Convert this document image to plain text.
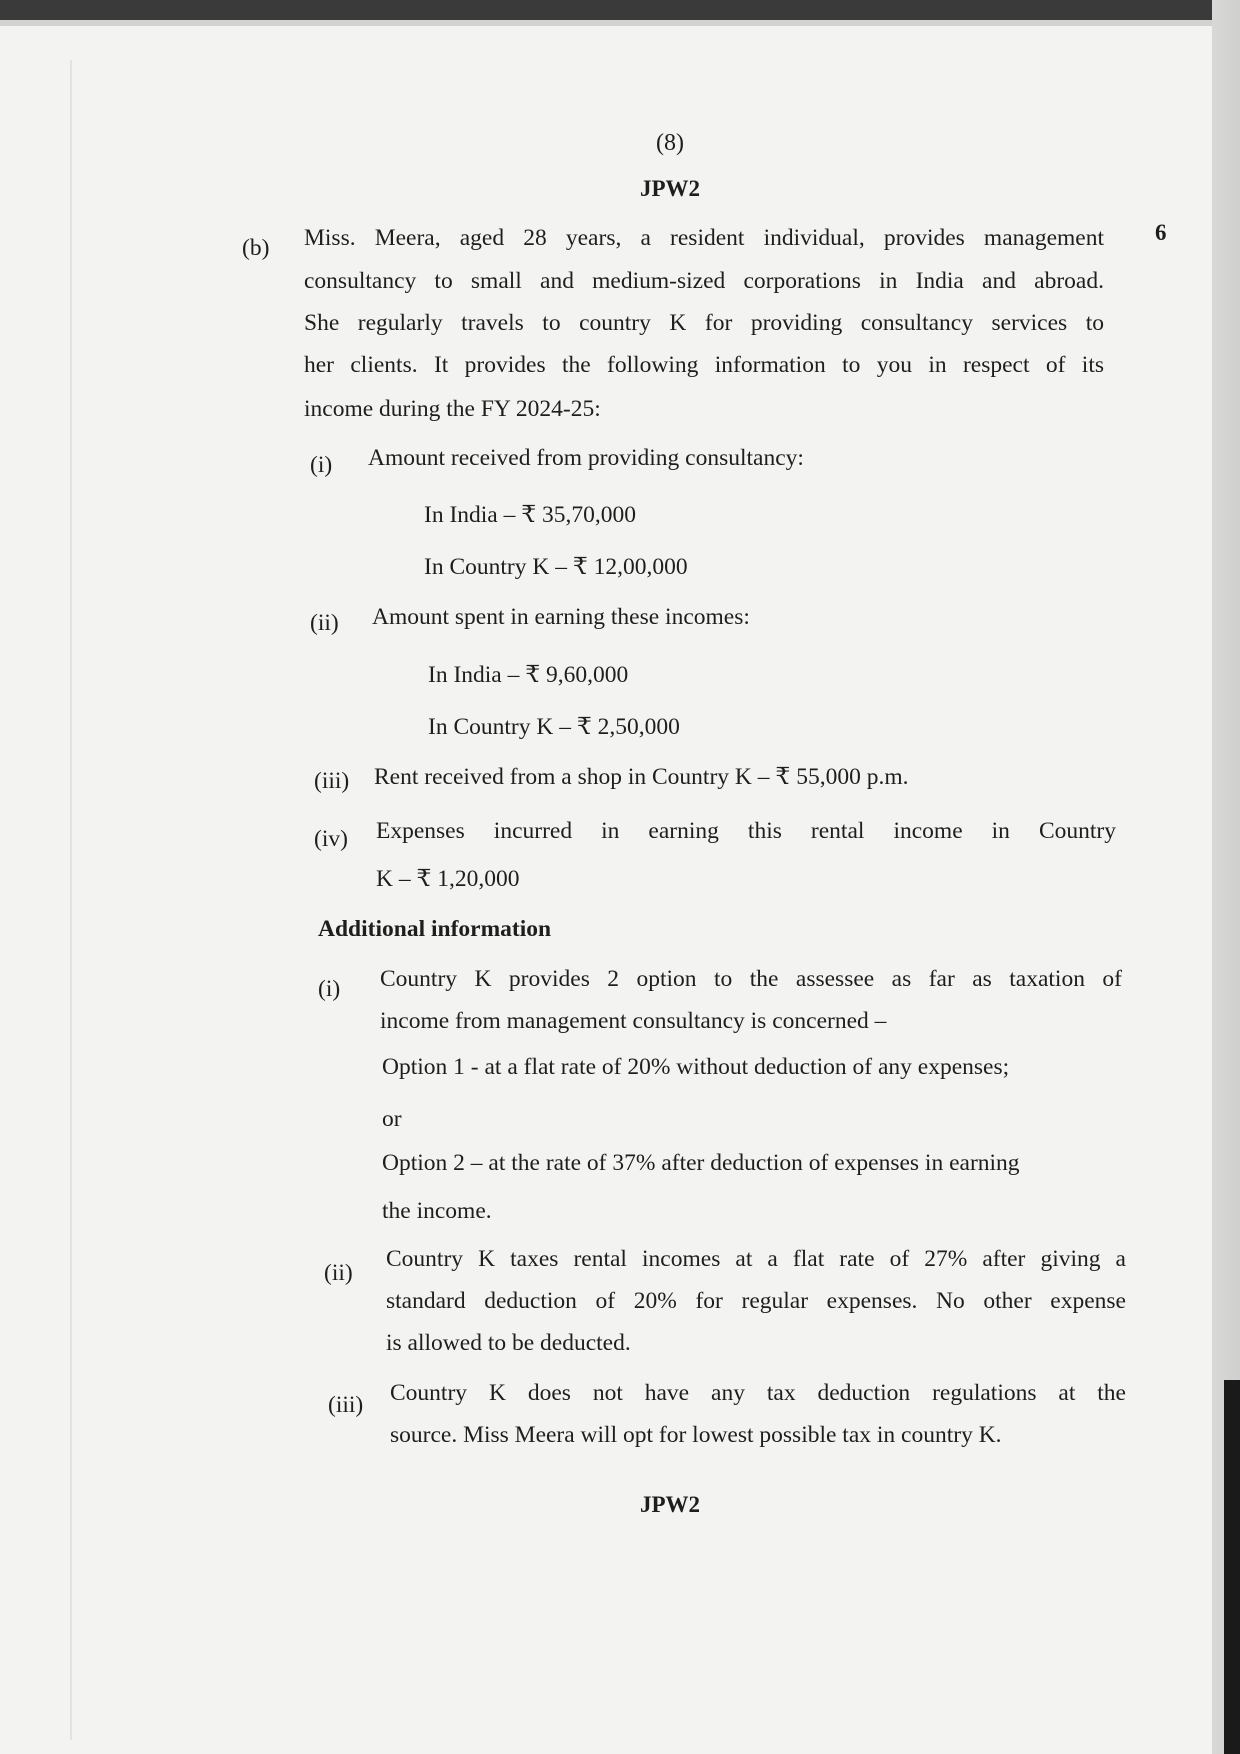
(8)
JPW2
6
(b) Miss. Meera, aged 28 years, a resident individual, provides management
consultancy to small and medium-sized corporations in India and abroad.
She regularly travels to country K for providing consultancy services to
her clients. It provides the following information to you in respect of its
income during the FY 2024-25:
(i) Amount received from providing consultancy:
In India – ₹ 35,70,000
In Country K – ₹ 12,00,000
(ii) Amount spent in earning these incomes:
In India – ₹ 9,60,000
In Country K – ₹ 2,50,000
(iii) Rent received from a shop in Country K – ₹ 55,000 p.m.
(iv) Expenses incurred in earning this rental income in Country
K – ₹ 1,20,000
Additional information
(i) Country K provides 2 option to the assessee as far as taxation of
income from management consultancy is concerned –
Option 1 - at a flat rate of 20% without deduction of any expenses;
or
Option 2 – at the rate of 37% after deduction of expenses in earning
the income.
(ii)
Country K taxes rental incomes at a flat rate of 27% after giving a
standard deduction of 20% for regular expenses. No other expense
is allowed to be deducted.
(iii) Country K does not have any tax deduction regulations at the
source. Miss Meera will opt for lowest possible tax in country K.
JPW2
